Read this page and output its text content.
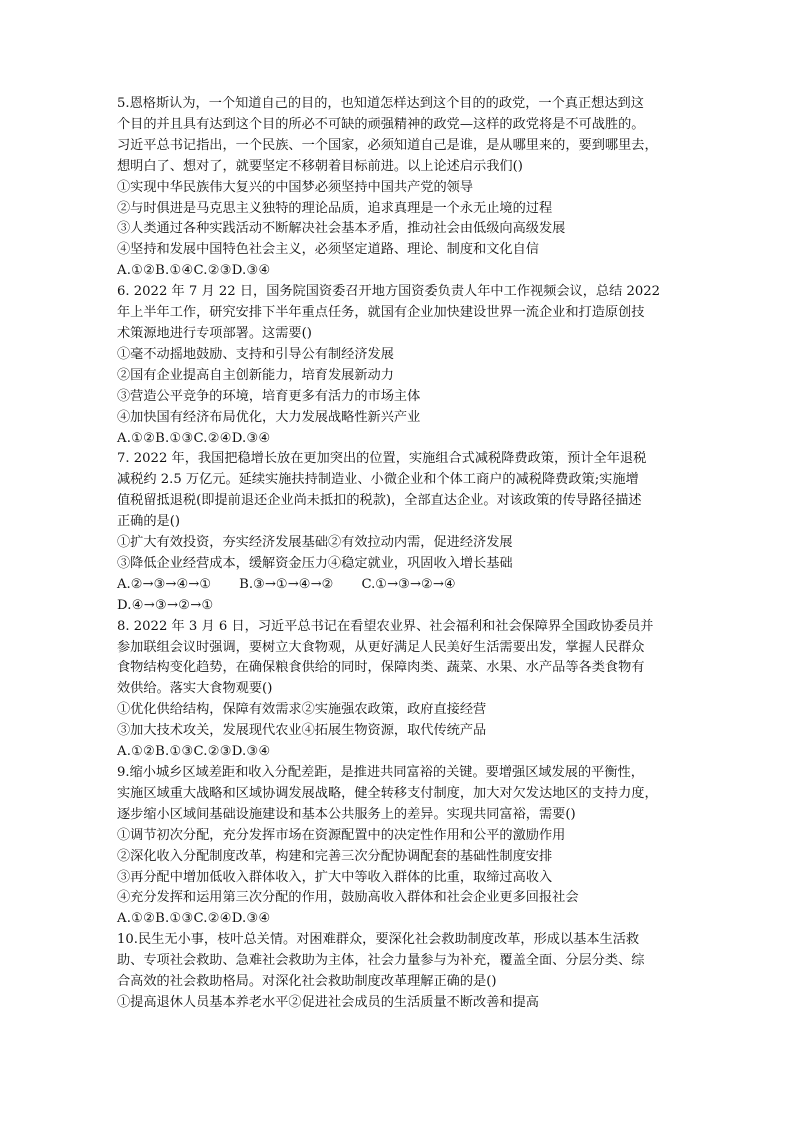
5.恩格斯认为，一个知道自己的目的，也知道怎样达到这个目的的政党，一个真正想达到这
个目的并且具有达到这个目的所必不可缺的顽强精神的政党—这样的政党将是不可战胜的。
习近平总书记指出，一个民族、一个国家，必须知道自己是谁，是从哪里来的，要到哪里去，
想明白了、想对了，就要坚定不移朝着目标前进。以上论述启示我们()
①实现中华民族伟大复兴的中国梦必须坚持中国共产党的领导
②与时俱进是马克思主义独特的理论品质，追求真理是一个永无止境的过程
③人类通过各种实践活动不断解决社会基本矛盾，推动社会由低级向高级发展
④坚持和发展中国特色社会主义，必须坚定道路、理论、制度和文化自信
A.①②B.①④C.②③D.③④
6. 2022 年 7 月 22 日，国务院国资委召开地方国资委负责人年中工作视频会议，总结 2022
年上半年工作，研究安排下半年重点任务，就国有企业加快建设世界一流企业和打造原创技
术策源地进行专项部署。这需要()
①毫不动摇地鼓励、支持和引导公有制经济发展
②国有企业提高自主创新能力，培育发展新动力
③营造公平竞争的环境，培育更多有活力的市场主体
④加快国有经济布局优化，大力发展战略性新兴产业
A.①②B.①③C.②④D.③④
7. 2022 年，我国把稳增长放在更加突出的位置，实施组合式减税降费政策，预计全年退税
减税约 2.5 万亿元。延续实施扶持制造业、小微企业和个体工商户的减税降费政策;实施增
值税留抵退税(即提前退还企业尚未抵扣的税款)，全部直达企业。对该政策的传导路径描述
正确的是()
①扩大有效投资，夯实经济发展基础②有效拉动内需，促进经济发展
③降低企业经营成本，缓解资金压力④稳定就业，巩固收入增长基础
A.②→③→④→① B.③→①→④→② C.①→③→②→④
D.④→③→②→①
8. 2022 年 3 月 6 日，习近平总书记在看望农业界、社会福利和社会保障界全国政协委员并
参加联组会议时强调，要树立大食物观，从更好满足人民美好生活需要出发，掌握人民群众
食物结构变化趋势，在确保粮食供给的同时，保障肉类、蔬菜、水果、水产品等各类食物有
效供给。落实大食物观要()
①优化供给结构，保障有效需求②实施强农政策，政府直接经营
③加大技术攻关，发展现代农业④拓展生物资源，取代传统产品
A.①②B.①③C.②③D.③④
9.缩小城乡区域差距和收入分配差距，是推进共同富裕的关键。要增强区域发展的平衡性，
实施区域重大战略和区域协调发展战略，健全转移支付制度，加大对欠发达地区的支持力度，
逐步缩小区域间基础设施建设和基本公共服务上的差异。实现共同富裕，需要()
①调节初次分配，充分发挥市场在资源配置中的决定性作用和公平的激励作用
②深化收入分配制度改革，构建和完善三次分配协调配套的基础性制度安排
③再分配中增加低收入群体收入，扩大中等收入群体的比重，取缔过高收入
④充分发挥和运用第三次分配的作用，鼓励高收入群体和社会企业更多回报社会
A.①②B.①③C.②④D.③④
10.民生无小事，枝叶总关情。对困难群众，要深化社会救助制度改革，形成以基本生活救
助、专项社会救助、急难社会救助为主体，社会力量参与为补充，覆盖全面、分层分类、综
合高效的社会救助格局。对深化社会救助制度改革理解正确的是()
①提高退休人员基本养老水平②促进社会成员的生活质量不断改善和提高
